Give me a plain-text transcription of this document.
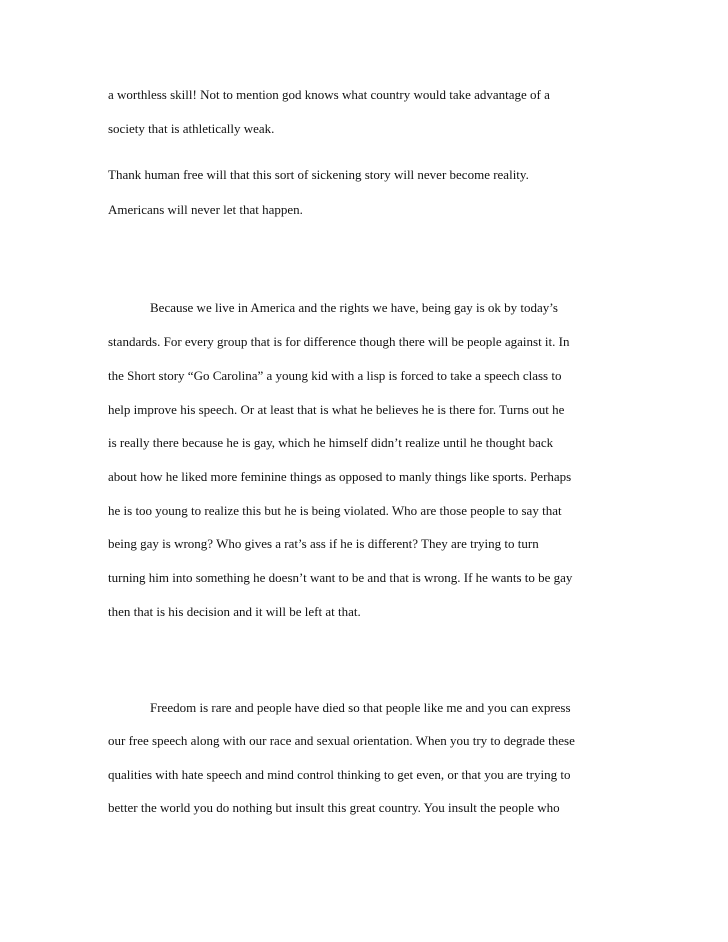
a worthless skill! Not to mention god knows what country would take advantage of a
society that is athletically weak.
Thank human free will that this sort of sickening story will never become reality.
Americans will never let that happen.
Because we live in America and the rights we have, being gay is ok by today’s
standards. For every group that is for difference though there will be people against it. In
the Short story “Go Carolina” a young kid with a lisp is forced to take a speech class to
help improve his speech. Or at least that is what he believes he is there for. Turns out he
is really there because he is gay, which he himself didn’t realize until he thought back
about how he liked more feminine things as opposed to manly things like sports. Perhaps
he is too young to realize this but he is being violated. Who are those people to say that
being gay is wrong? Who gives a rat’s ass if he is different? They are trying to turn
turning him into something he doesn’t want to be and that is wrong. If he wants to be gay
then that is his decision and it will be left at that.
Freedom is rare and people have died so that people like me and you can express
our free speech along with our race and sexual orientation. When you try to degrade these
qualities with hate speech and mind control thinking to get even, or that you are trying to
better the world you do nothing but insult this great country. You insult the people who
